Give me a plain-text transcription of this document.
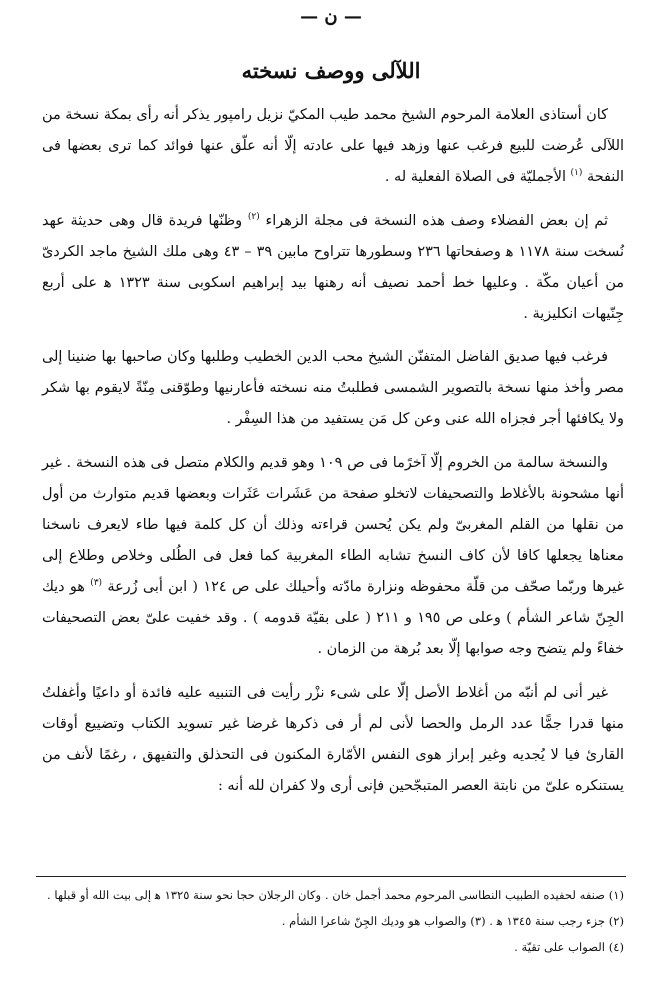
— ن —
اللآلى ووصف نسخته

كان أستاذى العلامة المرحوم الشيخ محمد طيب المكيّ نزيل رامپور يذكر أنه رأى بمكة نسخة من اللآلى عُرضت للبيع فرغب عنها وزهد فيها على عادته إلّا أنه علّق عنها فوائد كما ترى بعضها فى النفحة $^{(١)}$ الأجمليّة فى الصلاة الفعلية له .

ثم إن بعض الفضلاء وصف هذه النسخة فى مجلة الزهراء $^{(٢)}$ وظنّها فريدة قال وهى حديثة عهد نُسخت سنة ١١٧٨ ﻫ وصفحاتها ٢٣٦ وسطورها تتراوح مابين ٣٩ – ٤٣ وهى ملك الشيخ ماجد الكردىّ من أعيان مكّة . وعليها خط أحمد نصيف أنه رهنها بيد إبراهيم اسكوبى سنة ١٣٢٣ ﻫ على أربع جِنّيهات انكليزية .

فرغب فيها صديق الفاضل المتفنّن الشيخ محب الدين الخطيب وطلبها وكان صاحبها بها ضنينا إلى مصر وأخذ منها نسخة بالتصوير الشمسى فطلبتُ منه نسخته فأعارنيها وطوّقنى مِنّةً لايقوم بها شكر ولا يكافئها أجر فجزاه الله عنى وعن كل مَن يستفيد من هذا السِفْر .

والنسخة سالمة من الخروم إلّا آخرًما فى ص ١٠٩ وهو قديم والكلام متصل فى هذه النسخة . غير أنها مشحونة بالأغلاط والتصحيفات لاتخلو صفحة من عَشَرات عَثَرات وبعضها قديم متوارث من أول من نقلها من القلم المغربىّ ولم يكن يُحسن قراءته وذلك أن كل كلمة فيها طاء لايعرف ناسخنا معناها يجعلها كافا لأن كاف النسخ تشابه الطاء المغربية كما فعل فى الطُلى وخلاص وطلاع إلى غيرها وربّما صحّف من قلّة محفوظه ونزارة مادّته وأحيلك على ص ١٢٤ ( ابن أبى زُرعة $^{(٣)}$ هو ديك الجِنّ شاعر الشأم ) وعلى ص ١٩٥ و ٢١١ ( على بقيّة قدومه ) . وقد خفيت علىّ بعض التصحيفات خفاءً ولم يتضح وجه صوابها إلّا بعد بُرهة من الزمان .

غير أنى لم أنبّه من أغلاط الأصل إلّا على شىء نزْر رأيت فى التنبيه عليه فائدة أو داعيًا وأغفلتُ منها قدرا جمًّا عدد الرمل والحصا لأنى لم أر فى ذكرها غرضا غير تسويد الكتاب وتضييع أوقات القارئ فيا لا يُجديه وغير إبراز هوى النفس الأمّارة المكنون فى التحذلق والتفيهق ، رغمًا لأنف من يستنكره علىّ من نابتة العصر المتبجّحين فإنى أرى ولا كفران لله أنه :

(١) صنفه لحفيده الطبيب النطاسى المرحوم محمد أجمل خان . وكان الرجلان حجا نحو سنة ١٣٢٥ ﻫ إلى بيت الله أو قبلها .

(٢) جزء رجب سنة ١٣٤٥ ﻫ . (٣) والصواب هو وديك الجِنّ شاعرا الشأم .

(٤) الصواب على تقيّة .
